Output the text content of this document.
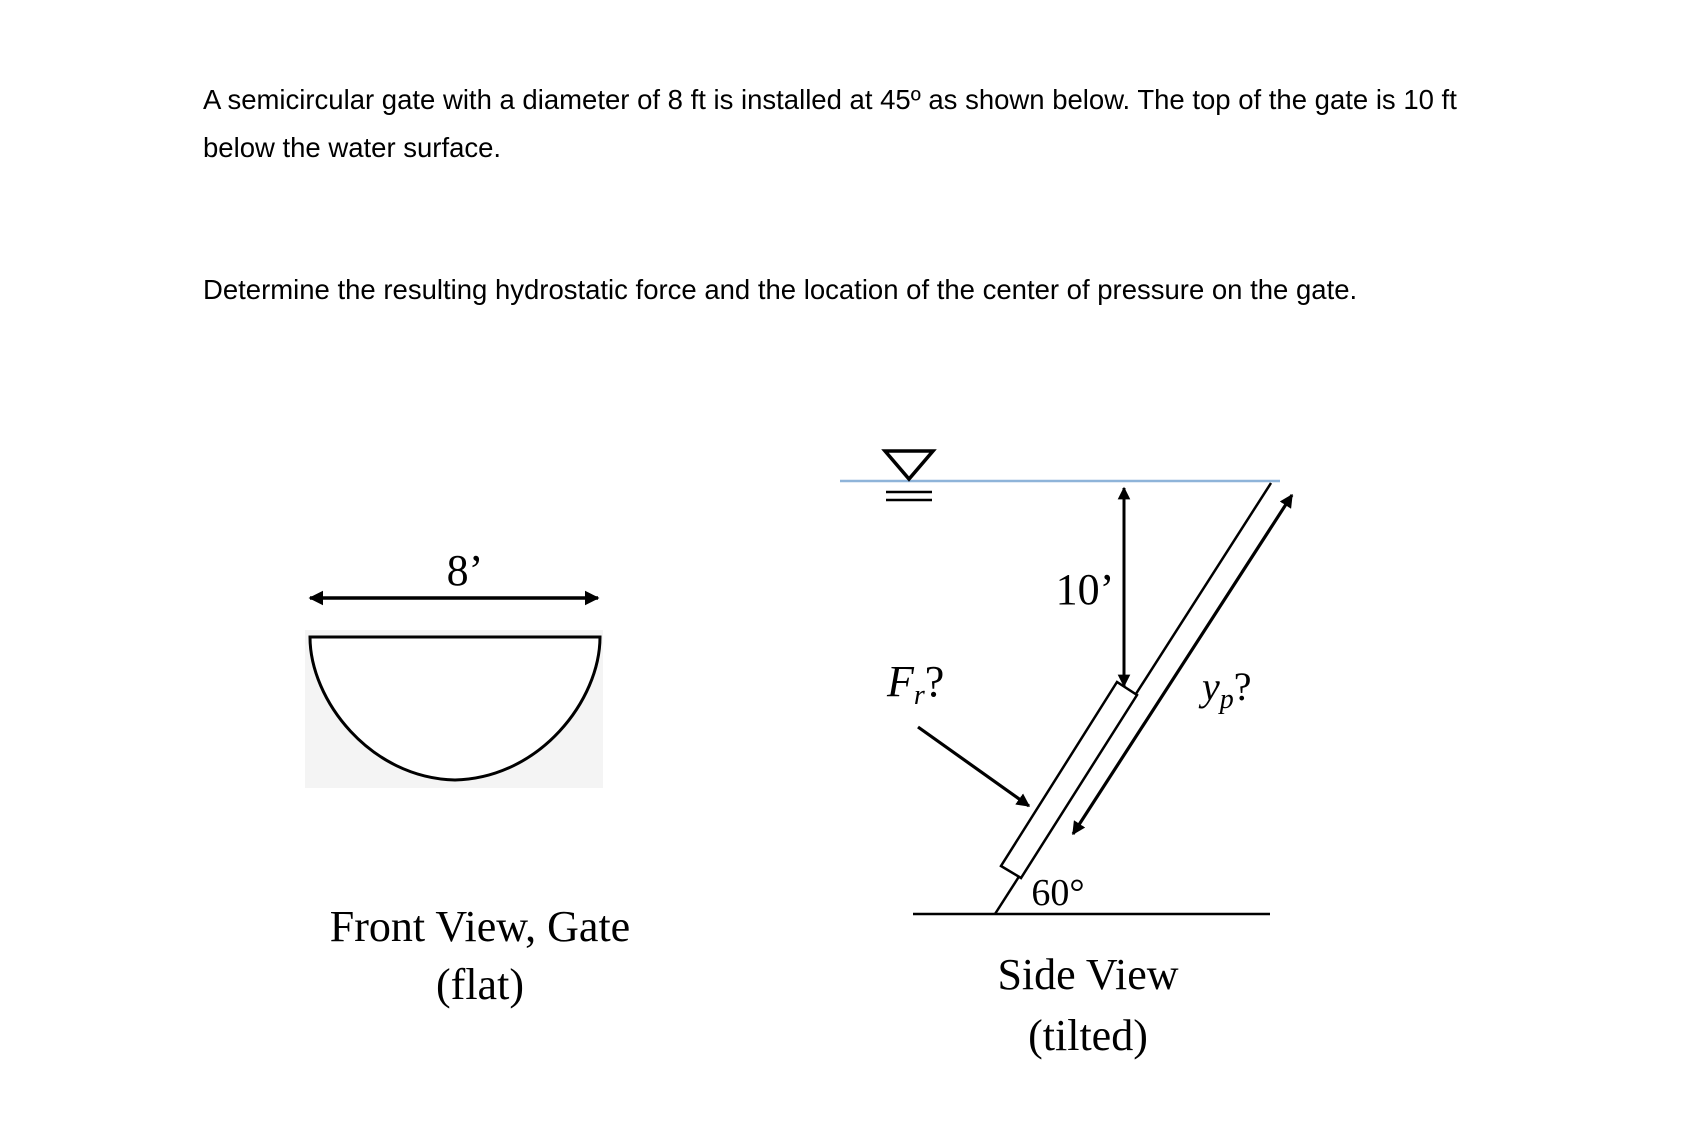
A semicircular gate with a diameter of 8 ft is installed at 45º as shown below. The top of the gate is 10 ft below the water surface.

Determine the resulting hydrostatic force and the location of the center of pressure on the gate.

8’
Front View, Gate
(flat)
10’
$y_p$?
Fr?
60°
Side View
(tilted)
